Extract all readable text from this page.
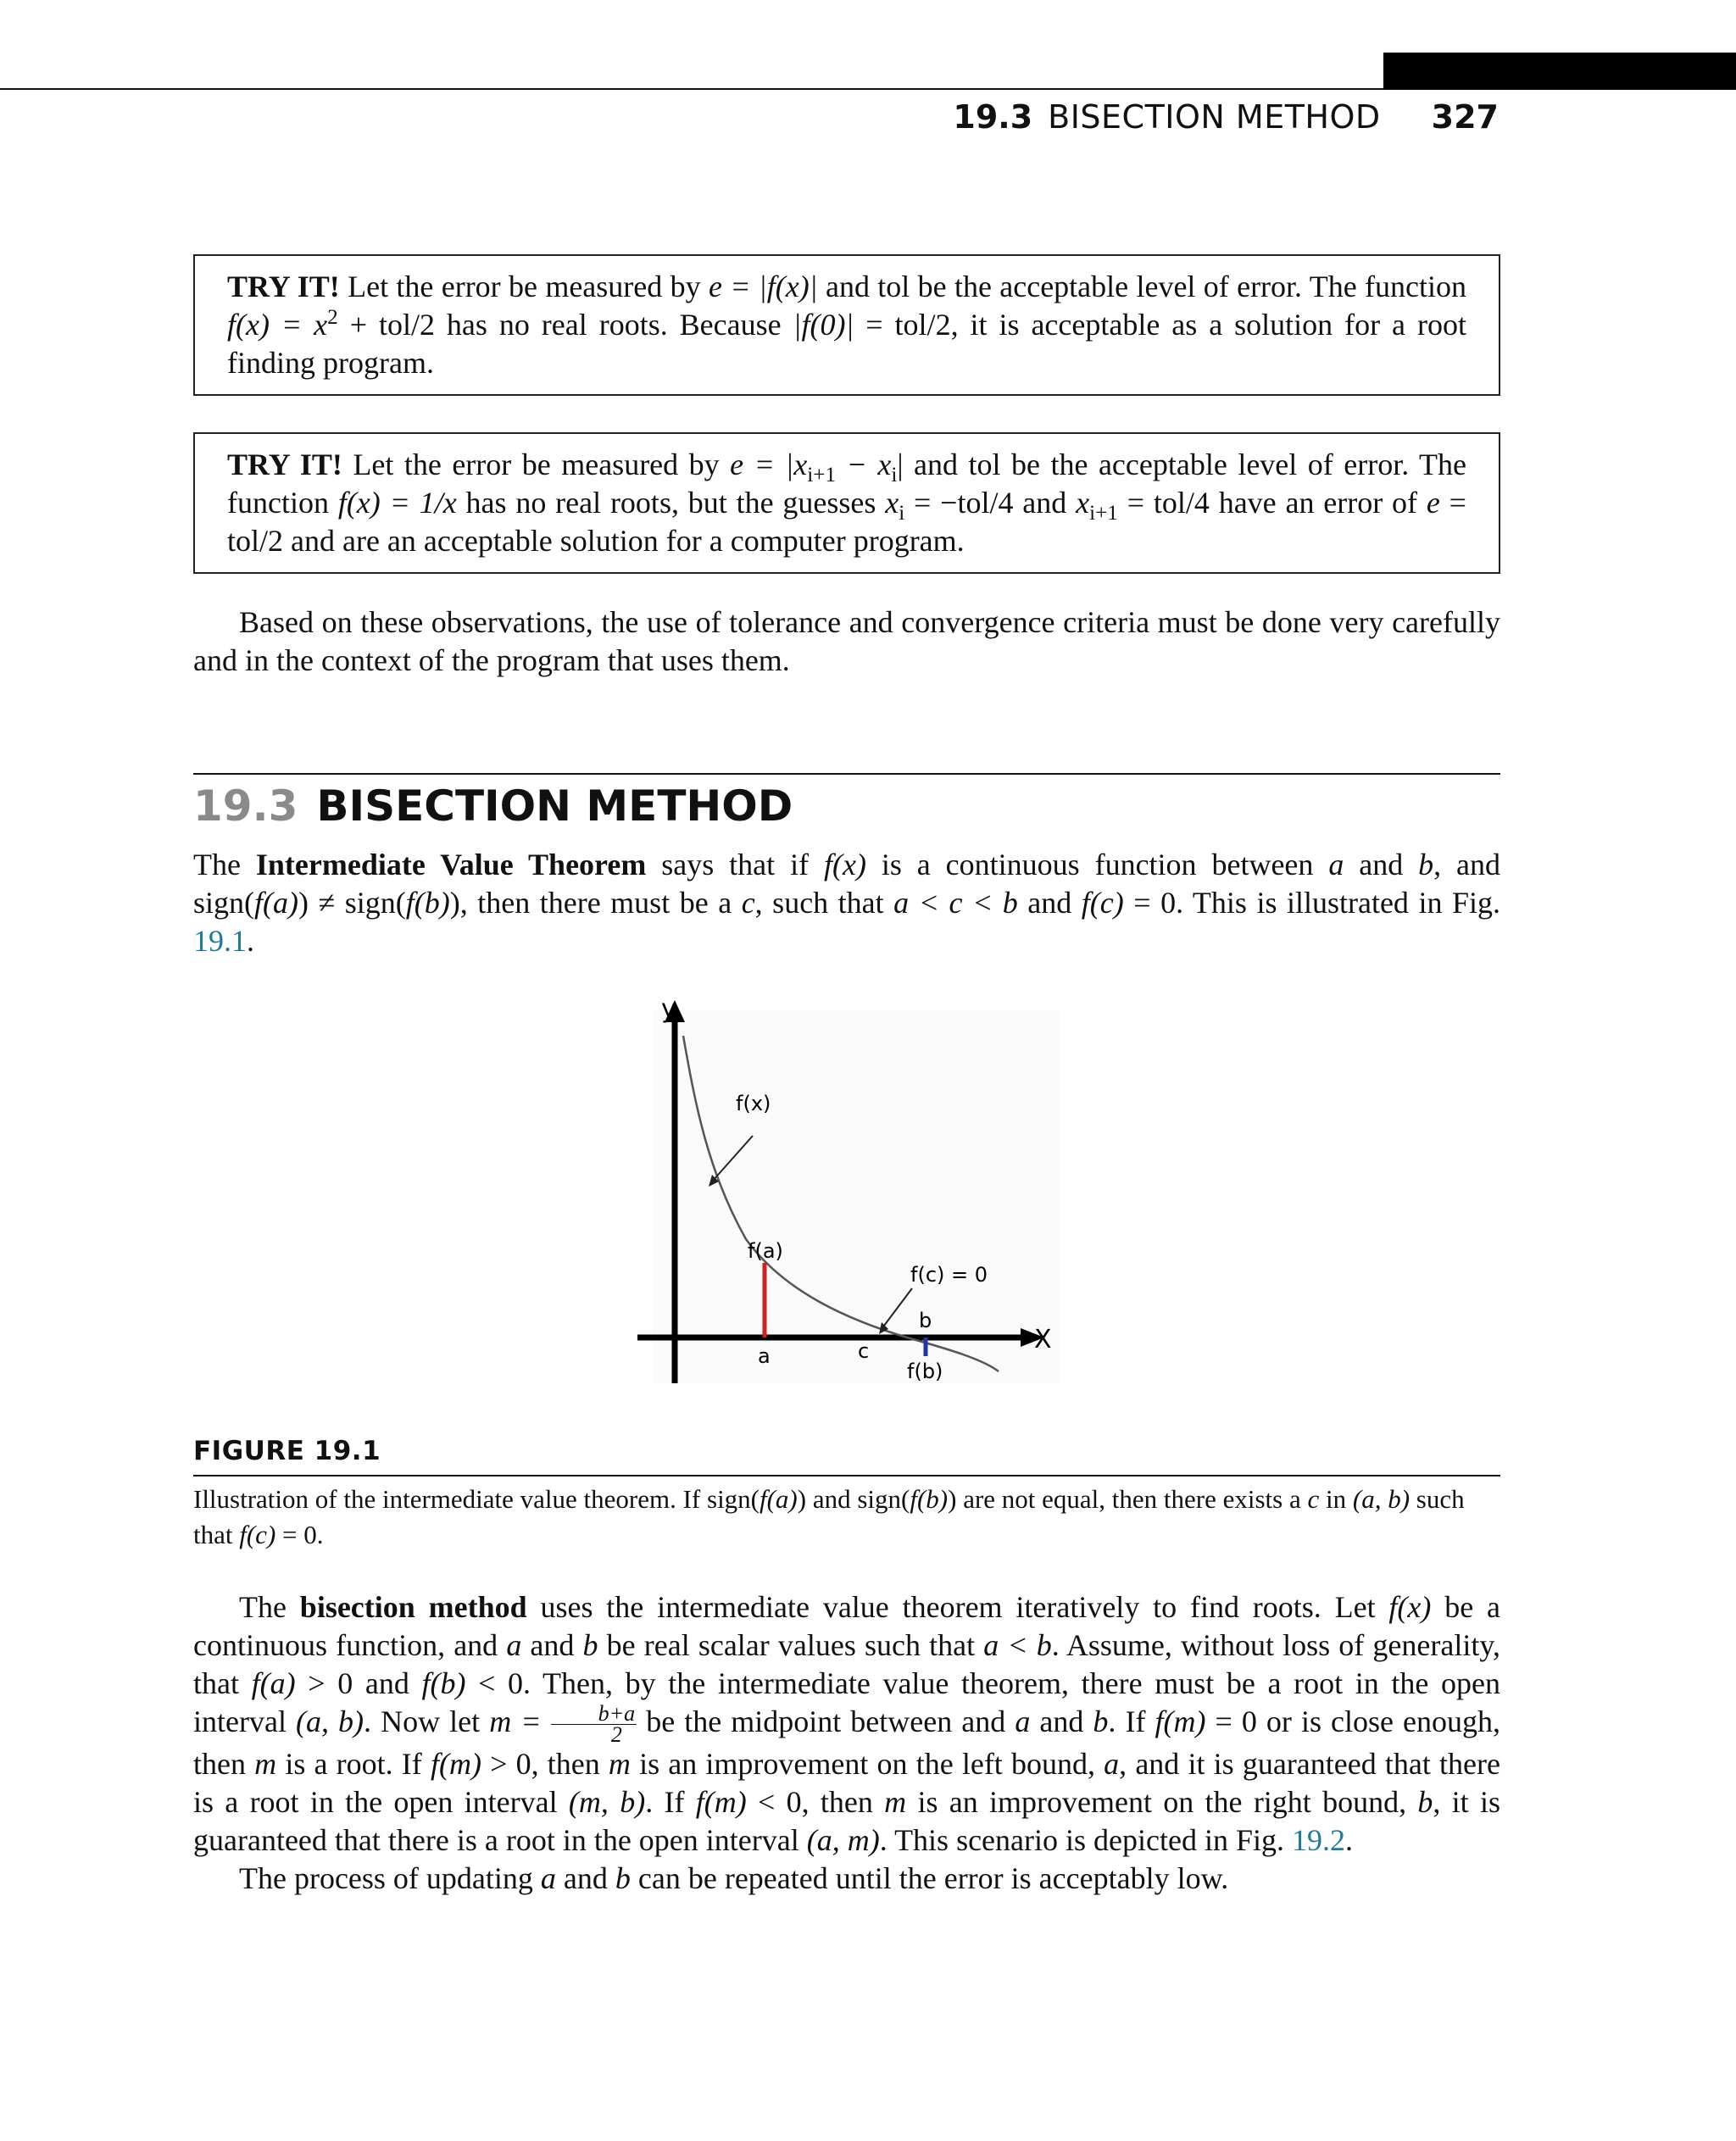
19.3 BISECTION METHOD 327
TRY IT! Let the error be measured by e = |f(x)| and tol be the acceptable level of error. The function $f(x) = x^2 + tol/2$ has no real roots. Because |f(0)| = tol/2, it is acceptable as a solution for a root finding program.
TRY IT! Let the error be measured by $e = |x_{i+1} - x_i|$ and tol be the acceptable level of error. The function f(x) = 1/x has no real roots, but the guesses $x_i = -tol/4$ and $x_{i+1} = tol/4$ have an error of e = tol/2 and are an acceptable solution for a computer program.

Based on these observations, the use of tolerance and convergence criteria must be done very carefully and in the context of the program that uses them.

19.3 BISECTION METHOD

The Intermediate Value Theorem says that if f(x) is a continuous function between a and b, and sign(f(a)) ≠ sign(f(b)), then there must be a c, such that a < c < b and f(c) = 0. This is illustrated in Fig. 19.1.

y
X
f(x)
f(a)
f(c) = 0
b
a	c
f(b)
FIGURE 19.1
Illustration of the intermediate value theorem. If sign(f(a)) and sign(f(b)) are not equal, then there exists a c in (a, b) such that f(c) = 0.

The bisection method uses the intermediate value theorem iteratively to find roots. Let f(x) be a continuous function, and a and b be real scalar values such that a < b. Assume, without loss of generality, that f(a) > 0 and f(b) < 0. Then, by the intermediate value theorem, there must be a root in the open interval (a, b). Now let $m = \frac{b+a}{2}$ be the midpoint between and a and b. If f(m) = 0 or is close enough, then m is a root. If f(m) > 0, then m is an improvement on the left bound, a, and it is guaranteed that there is a root in the open interval (m, b). If f(m) < 0, then m is an improvement on the right bound, b, it is guaranteed that there is a root in the open interval (a, m). This scenario is depicted in Fig. 19.2.

The process of updating a and b can be repeated until the error is acceptably low.
